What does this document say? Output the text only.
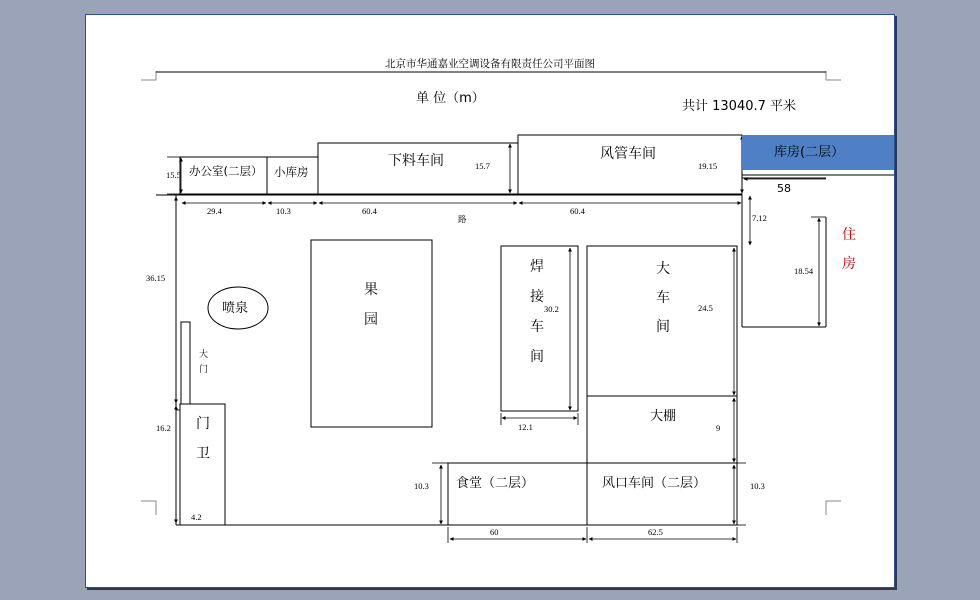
北京市华通嘉业空调设备有限责任公司平面图
单 位（m）
共计 13040.7 平米
办公室(二层） 小库房
下料车间	风管车间	库房(二层）
喷泉
果
园
焊
接
车
间
大
车
间
大棚
大
门
门
卫
食堂（二层）	风口车间（二层）
住
房
路
15.5
15.7	19.15
58
29.4	10.3	60.4	60.4
7.12
36.15
18.54
30.2	24.5
12.1	9
16.2
4.2
10.3	10.3
60	62.5
